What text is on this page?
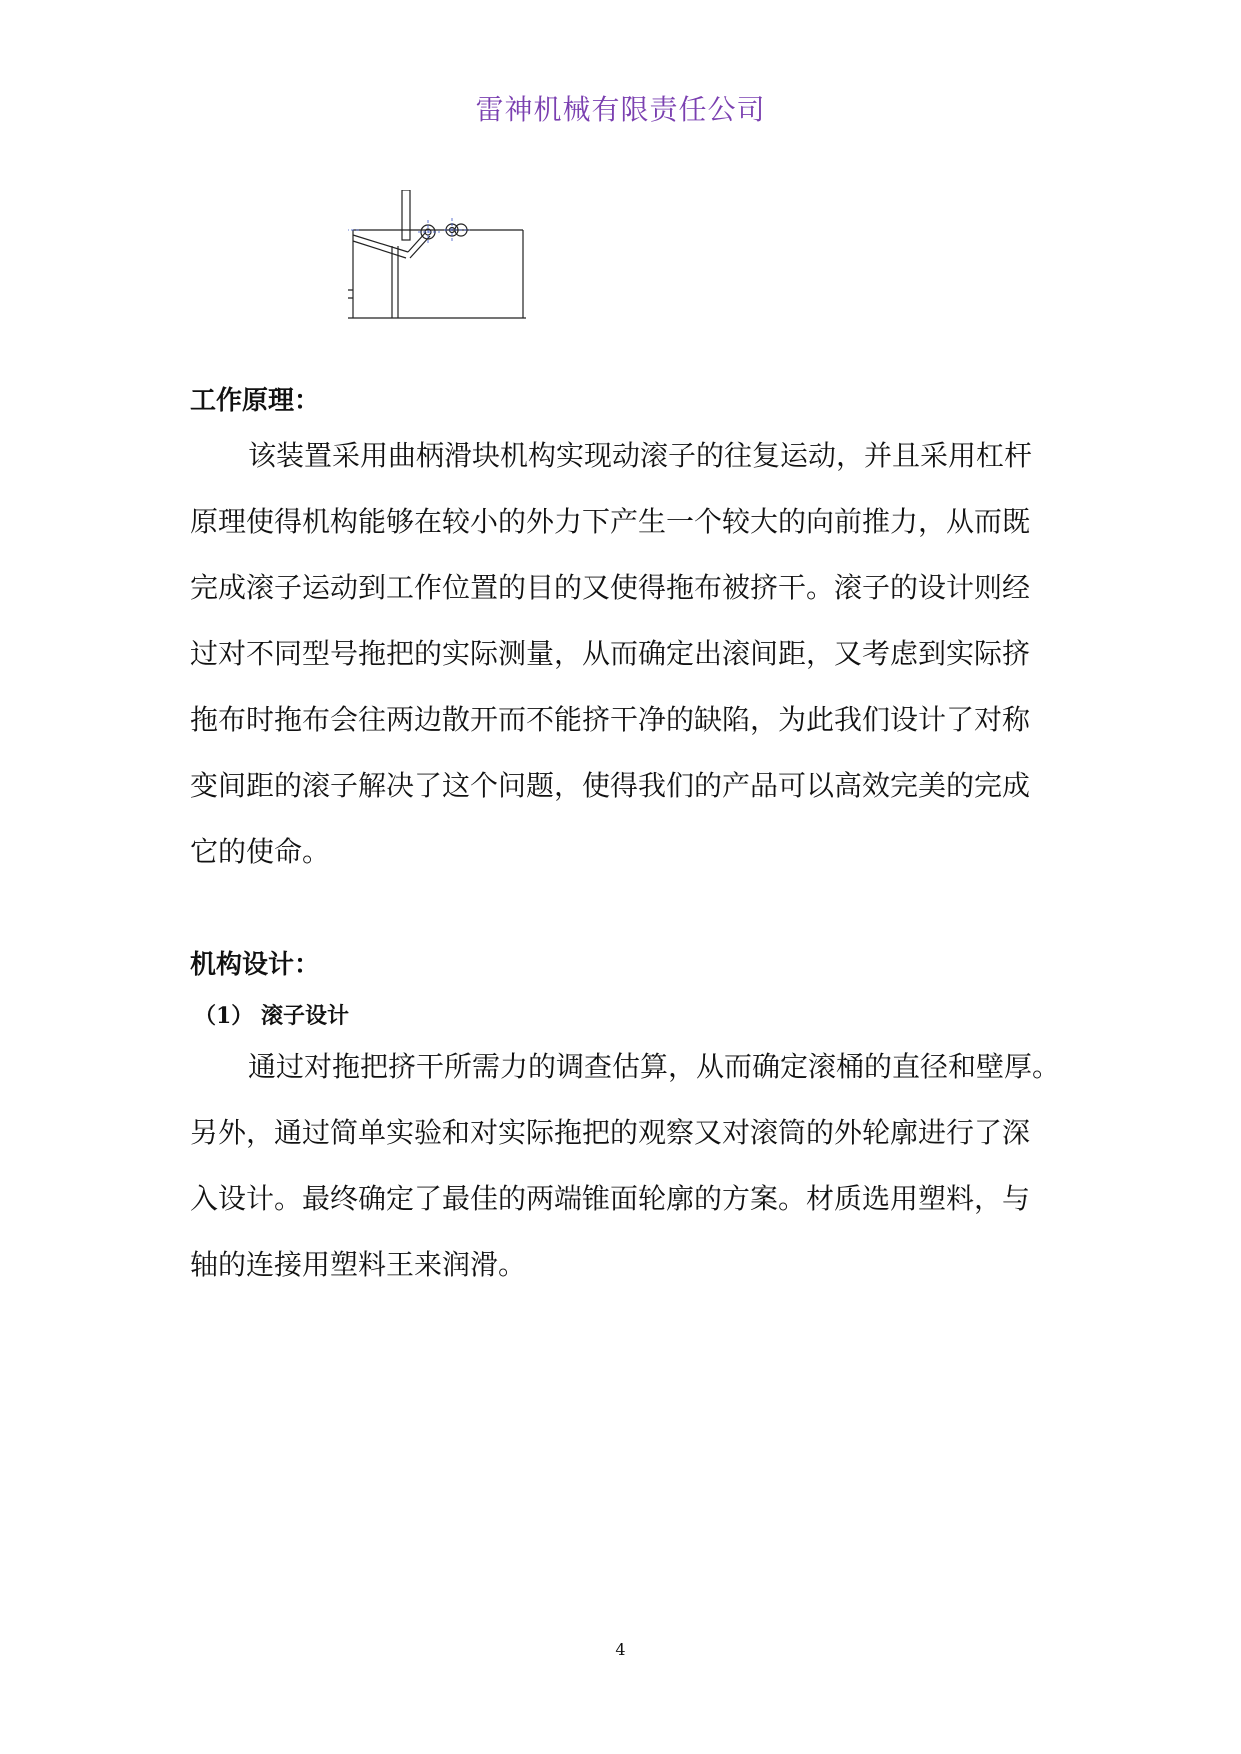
雷神机械有限责任公司
工作原理：
该装置采用曲柄滑块机构实现动滚子的往复运动，并且采用杠杆
原理使得机构能够在较小的外力下产生一个较大的向前推力，从而既
完成滚子运动到工作位置的目的又使得拖布被挤干。滚子的设计则经
过对不同型号拖把的实际测量，从而确定出滚间距，又考虑到实际挤
拖布时拖布会往两边散开而不能挤干净的缺陷，为此我们设计了对称
变间距的滚子解决了这个问题，使得我们的产品可以高效完美的完成
它的使命。
机构设计：
（1） 滚子设计
通过对拖把挤干所需力的调查估算，从而确定滚桶的直径和壁厚。
另外，通过简单实验和对实际拖把的观察又对滚筒的外轮廓进行了深
入设计。最终确定了最佳的两端锥面轮廓的方案。材质选用塑料，与
轴的连接用塑料王来润滑。
4
